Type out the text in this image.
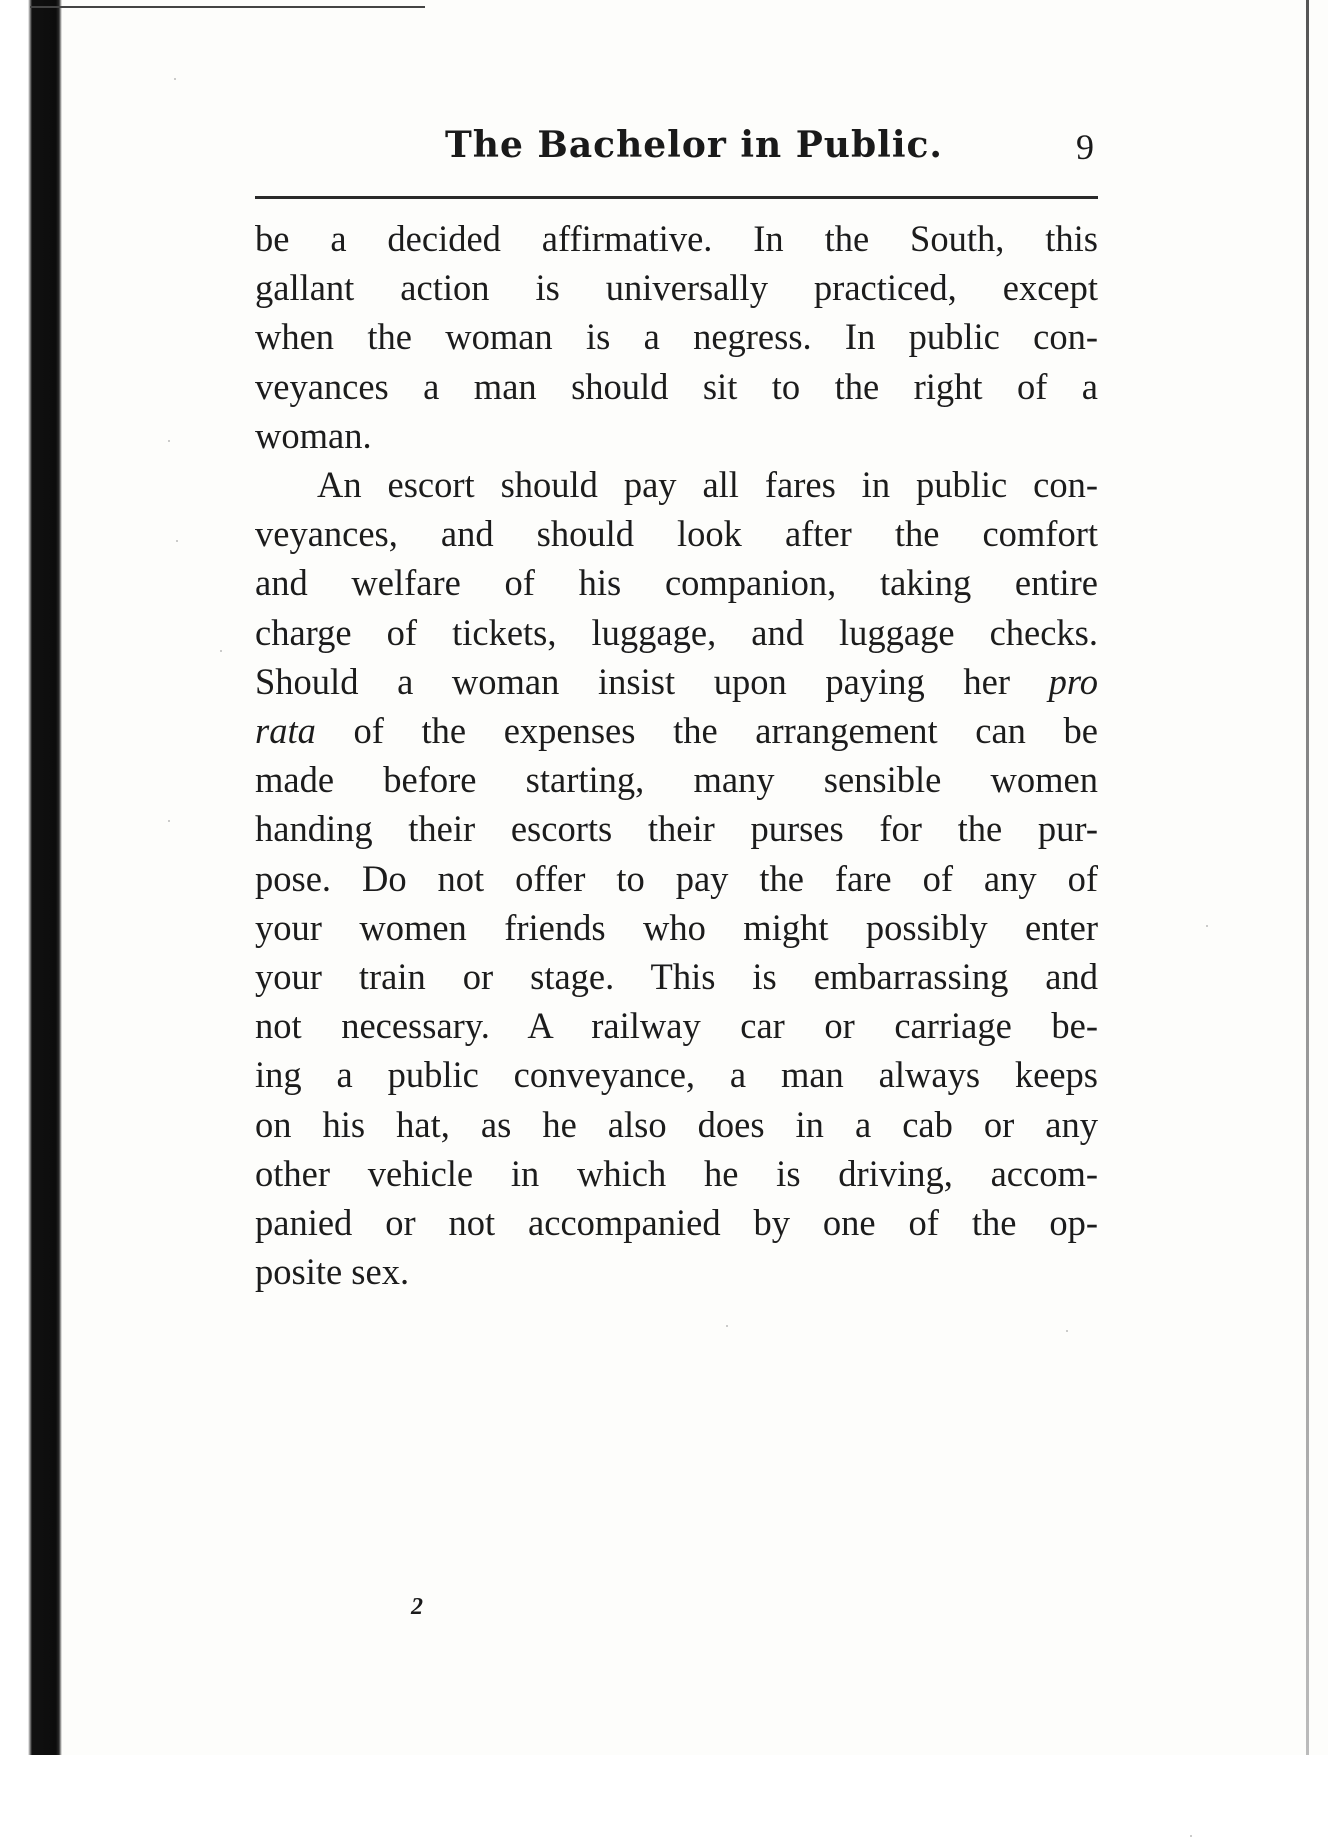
The Bachelor in Public.	9

be a decided affirmative. In the South, this
gallant action is universally practiced, except
when the woman is a negress. In public con-
veyances a man should sit to the right of a
woman.

An escort should pay all fares in public con-
veyances, and should look after the comfort
and welfare of his companion, taking entire
charge of tickets, luggage, and luggage checks.
Should a woman insist upon paying her pro
rata of the expenses the arrangement can be
made before starting, many sensible women
handing their escorts their purses for the pur-
pose. Do not offer to pay the fare of any of
your women friends who might possibly enter
your train or stage. This is embarrassing and
not necessary. A railway car or carriage be-
ing a public conveyance, a man always keeps
on his hat, as he also does in a cab or any
other vehicle in which he is driving, accom-
panied or not accompanied by one of the op-
posite sex.

2
